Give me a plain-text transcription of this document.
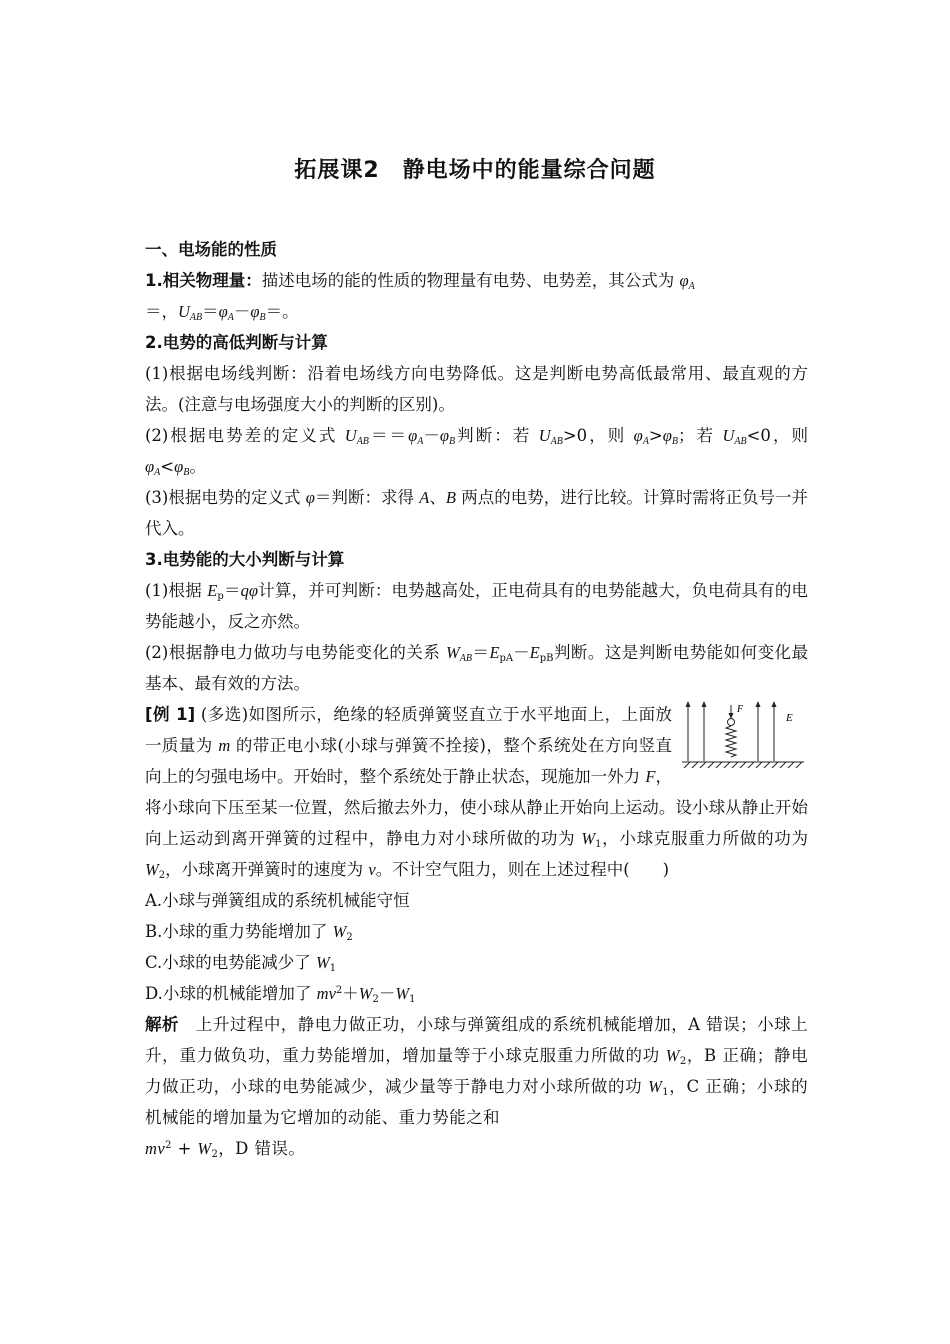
拓展课2　静电场中的能量综合问题

一、电场能的性质

1.相关物理量：描述电场的能的性质的物理量有电势、电势差，其公式为 $\varphi_A$
＝，$U_{AB}=\varphi_A-\varphi_B=$。

2.电势的高低判断与计算

(1)根据电场线判断：沿着电场线方向电势降低。这是判断电势高低最常用、最直观的方法。(注意与电场强度大小的判断的区别)。

(2)根据电势差的定义式 $U_{AB}==\varphi_A-\varphi_B$判断：若 $U_{AB}>0$，则 $\varphi_A>\varphi_B$；若 $U_{AB}<0$，则 $\varphi_A<\varphi_B$。

(3)根据电势的定义式 φ＝判断：求得 A、B 两点的电势，进行比较。计算时需将正负号一并代入。

3.电势能的大小判断与计算

(1)根据 $E_p=q\varphi$计算，并可判断：电势越高处，正电荷具有的电势能越大，负电荷具有的电势能越小，反之亦然。

(2)根据静电力做功与电势能变化的关系 $W_{AB}=E_{pA}-E_{pB}$判断。这是判断电势能如何变化最基本、最有效的方法。

F
E

[例 1] (多选)如图所示，绝缘的轻质弹簧竖直立于水平地面上，上面放一质量为 m 的带正电小球(小球与弹簧不拴接)，整个系统处在方向竖直向上的匀强电场中。开始时，整个系统处于静止状态，现施加一外力 F，将小球向下压至某一位置，然后撤去外力，使小球从静止开始向上运动。设小球从静止开始向上运动到离开弹簧的过程中，静电力对小球所做的功为 $W_1$，小球克服重力所做的功为 $W_2$，小球离开弹簧时的速度为 v。不计空气阻力，则在上述过程中(　　)

A.小球与弹簧组成的系统机械能守恒

B.小球的重力势能增加了 $W_2$

C.小球的电势能减少了 $W_1$

D.小球的机械能增加了 $mv^2+W_2-W_1$

解析　上升过程中，静电力做正功，小球与弹簧组成的系统机械能增加，A 错误；小球上升，重力做负功，重力势能增加，增加量等于小球克服重力所做的功 $W_2$，B 正确；静电力做正功，小球的电势能减少，减少量等于静电力对小球所做的功 $W_1$，C 正确；小球的机械能的增加量为它增加的动能、重力势能之和
$mv^2 + W_2$，D 错误。
